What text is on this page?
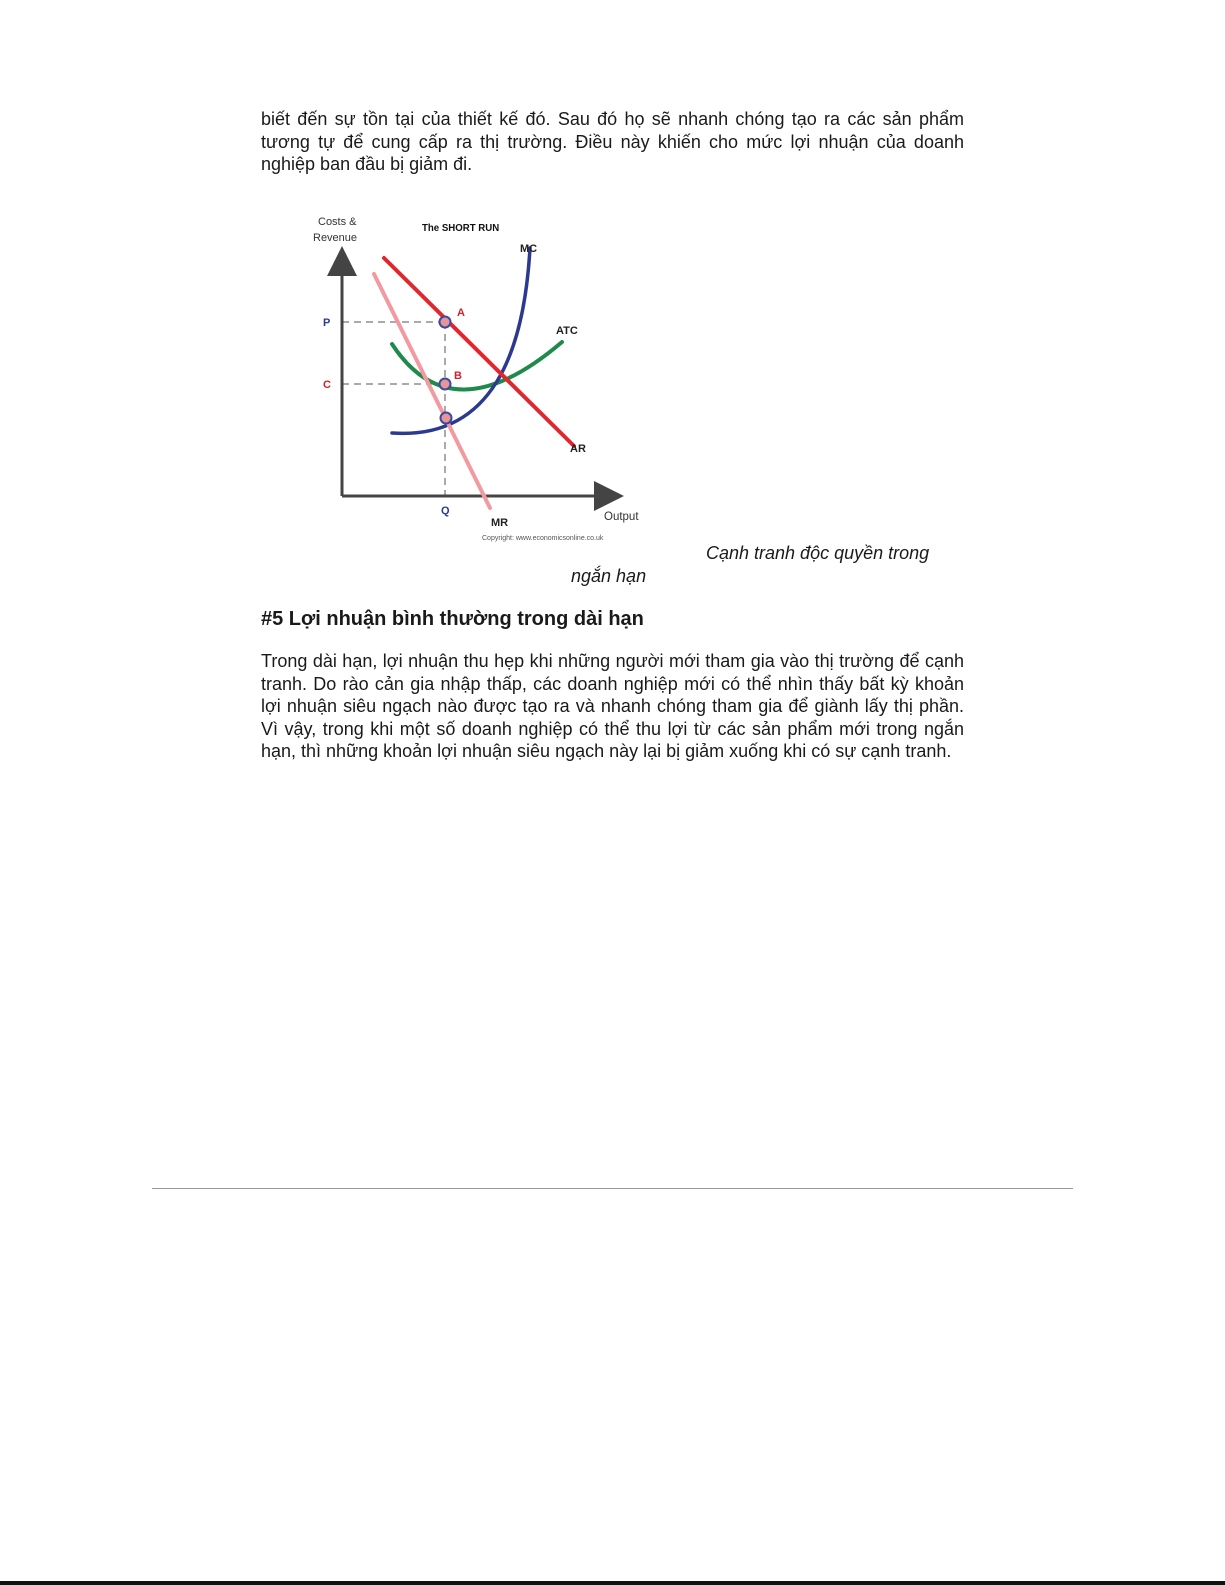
biết đến sự tồn tại của thiết kế đó. Sau đó họ sẽ nhanh chóng tạo ra các sản phẩm tương tự để cung cấp ra thị trường. Điều này khiến cho mức lợi nhuận của doanh nghiệp ban đầu bị giảm đi.

Costs &
Revenue
The SHORT RUN
MC
ATC
AR
MR
A
B
P
C
Q	Output
Copyright: www.economicsonline.co.uk
Cạnh tranh độc quyền trong
ngắn hạn
#5 Lợi nhuận bình thường trong dài hạn

Trong dài hạn, lợi nhuận thu hẹp khi những người mới tham gia vào thị trường để cạnh tranh. Do rào cản gia nhập thấp, các doanh nghiệp mới có thể nhìn thấy bất kỳ khoản lợi nhuận siêu ngạch nào được tạo ra và nhanh chóng tham gia để giành lấy thị phần. Vì vậy, trong khi một số doanh nghiệp có thể thu lợi từ các sản phẩm mới trong ngắn hạn, thì những khoản lợi nhuận siêu ngạch này lại bị giảm xuống khi có sự cạnh tranh.
